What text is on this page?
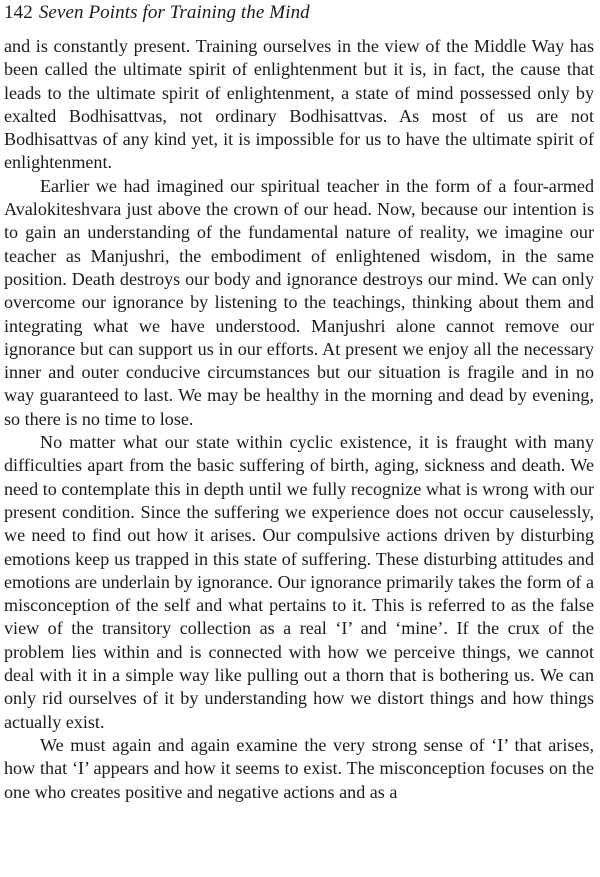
142 Seven Points for Training the Mind

and is constantly present. Training ourselves in the view of the Middle Way has been called the ultimate spirit of enlightenment but it is, in fact, the cause that leads to the ultimate spirit of enlightenment, a state of mind possessed only by exalted Bodhisattvas, not ordinary Bodhisattvas. As most of us are not Bodhisattvas of any kind yet, it is impossible for us to have the ultimate spirit of enlightenment.

Earlier we had imagined our spiritual teacher in the form of a four-armed Avalokiteshvara just above the crown of our head. Now, because our intention is to gain an understanding of the fundamental nature of reality, we imagine our teacher as Manjushri, the embodiment of enlightened wisdom, in the same position. Death destroys our body and ignorance destroys our mind. We can only overcome our ignorance by listening to the teachings, thinking about them and integrating what we have understood. Manjushri alone cannot remove our ignorance but can support us in our efforts. At present we enjoy all the necessary inner and outer conducive circumstances but our situation is fragile and in no way guaranteed to last. We may be healthy in the morning and dead by evening, so there is no time to lose.

No matter what our state within cyclic existence, it is fraught with many difficulties apart from the basic suffering of birth, aging, sickness and death. We need to contemplate this in depth until we fully recognize what is wrong with our present condition. Since the suffering we experience does not occur causelessly, we need to find out how it arises. Our compulsive actions driven by disturbing emotions keep us trapped in this state of suffering. These disturbing attitudes and emotions are underlain by ignorance. Our ignorance primarily takes the form of a misconception of the self and what pertains to it. This is referred to as the false view of the transitory collection as a real ‘I’ and ‘mine’. If the crux of the problem lies within and is connected with how we perceive things, we cannot deal with it in a simple way like pulling out a thorn that is bothering us. We can only rid ourselves of it by understanding how we distort things and how things actually exist.

We must again and again examine the very strong sense of ‘I’ that arises, how that ‘I’ appears and how it seems to exist. The misconception focuses on the one who creates positive and negative actions and as a
